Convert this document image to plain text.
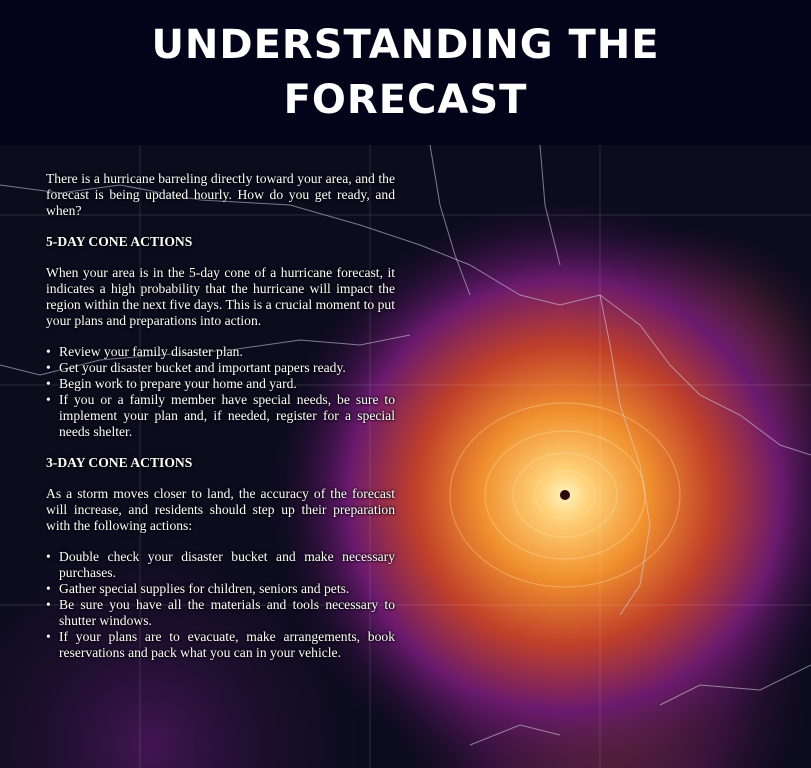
UNDERSTANDING THE FORECAST

There is a hurricane barreling directly toward your area, and the forecast is being updated hourly. How do you get ready, and when?

5-DAY CONE ACTIONS

When your area is in the 5-day cone of a hurricane forecast, it indicates a high probability that the hurricane will impact the region within the next five days. This is a crucial moment to put your plans and preparations into action.

• Review your family disaster plan.
• Get your disaster bucket and important papers ready.
• Begin work to prepare your home and yard.
• If you or a family member have special needs, be sure to implement your plan and, if needed, register for a special needs shelter.
3-DAY CONE ACTIONS

As a storm moves closer to land, the accuracy of the forecast will increase, and residents should step up their preparation with the following actions:

• Double check your disaster bucket and make necessary purchases.
• Gather special supplies for children, seniors and pets.
• Be sure you have all the materials and tools necessary to shutter windows.
• If your plans are to evacuate, make arrangements, book reservations and pack what you can in your vehicle.
